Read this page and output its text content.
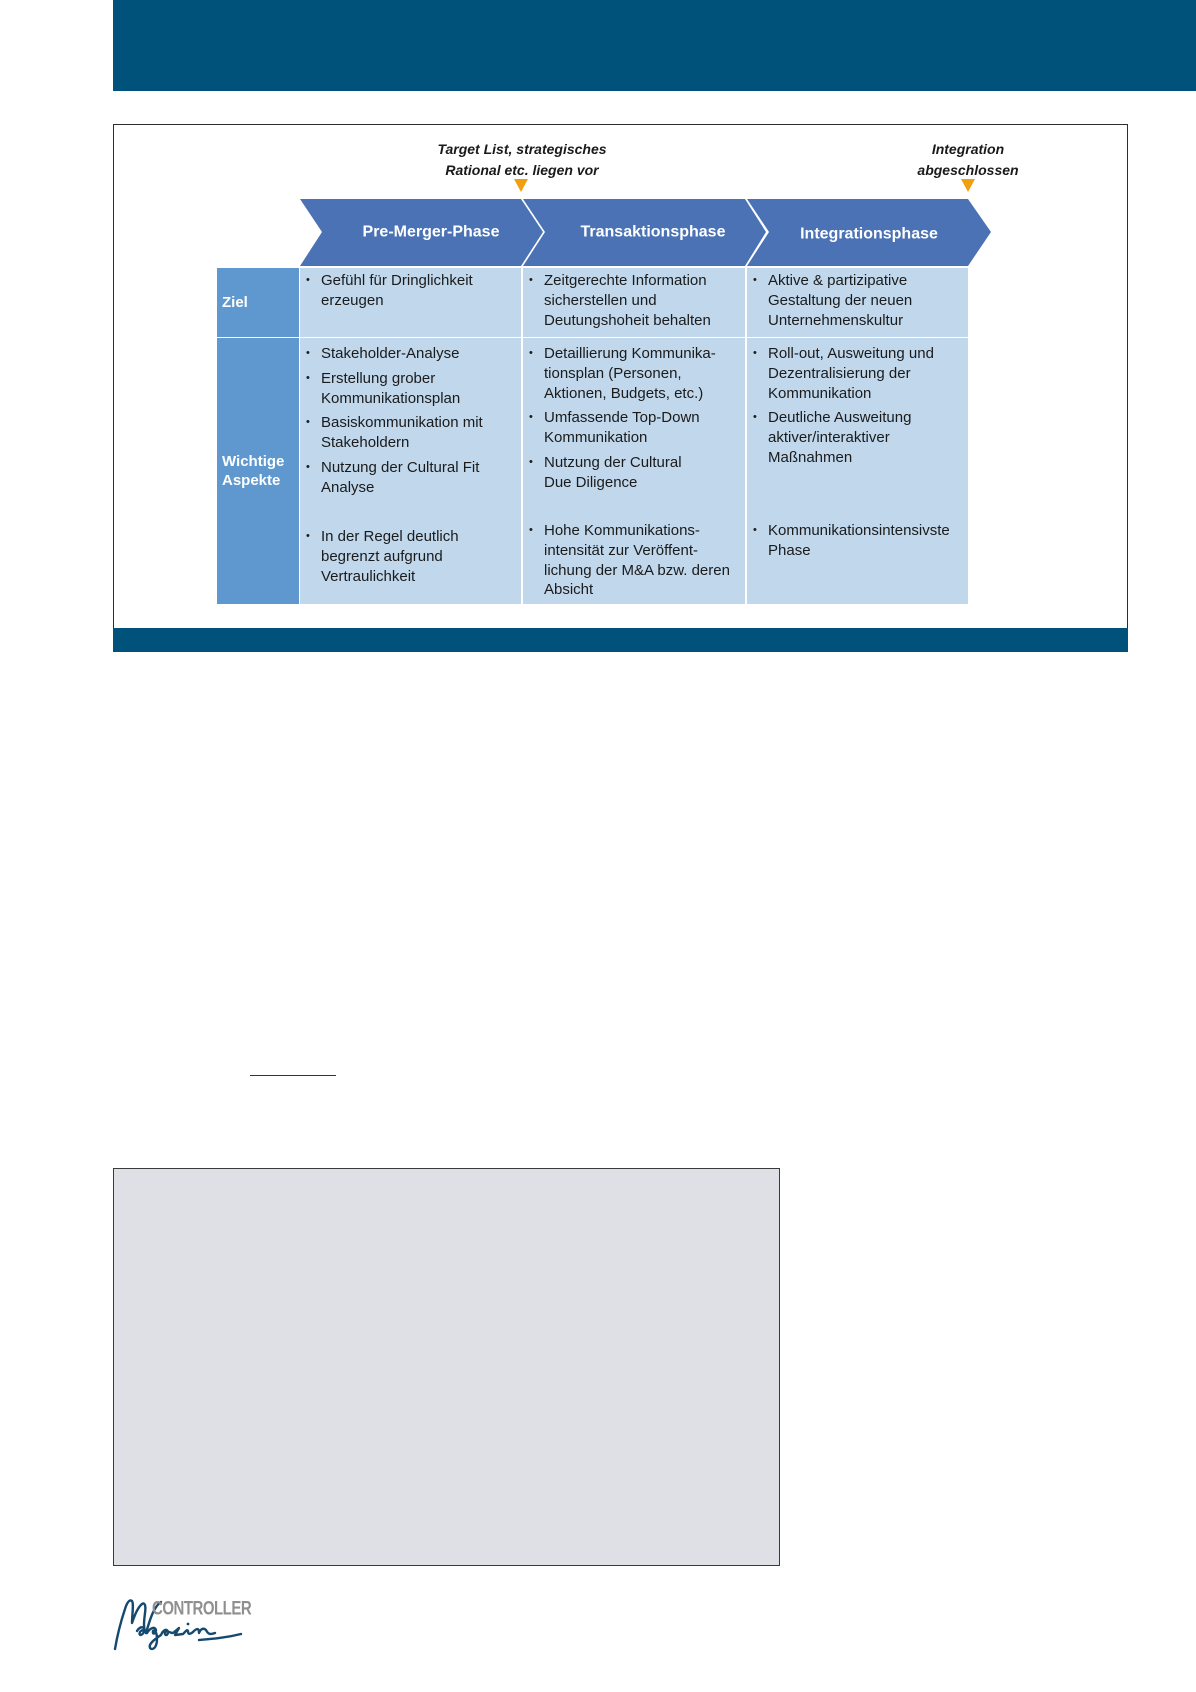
Target List, strategisches
Rational etc. liegen vor
Integration
abgeschlossen
Pre-Merger-Phase	Transaktionsphase	Integrationsphase
Ziel
• Gefühl für Dringlichkeit
erzeugen
• Zeitgerechte Information
sicherstellen und
Deutungshoheit behalten
• Aktive & partizipative
Gestaltung der neuen
Unternehmenskultur
Wichtige
Aspekte
• Stakeholder-Analyse
• Erstellung grober
Kommunikationsplan
• Basiskommunikation mit
Stakeholdern
• Nutzung der Cultural Fit
Analyse
• In der Regel deutlich
begrenzt aufgrund
Vertraulichkeit
• Detaillierung Kommunika-
tionsplan (Personen,
Aktionen, Budgets, etc.)
• Umfassende Top-Down
Kommunikation
• Nutzung der Cultural
Due Diligence
• Hohe Kommunikations-
intensität zur Veröffent-
lichung der M&A bzw. deren
Absicht
• Roll-out, Ausweitung und
Dezentralisierung der
Kommunikation
• Deutliche Ausweitung
aktiver/interaktiver
Maßnahmen
• Kommunikationsintensivste
Phase
CONTROLLER
